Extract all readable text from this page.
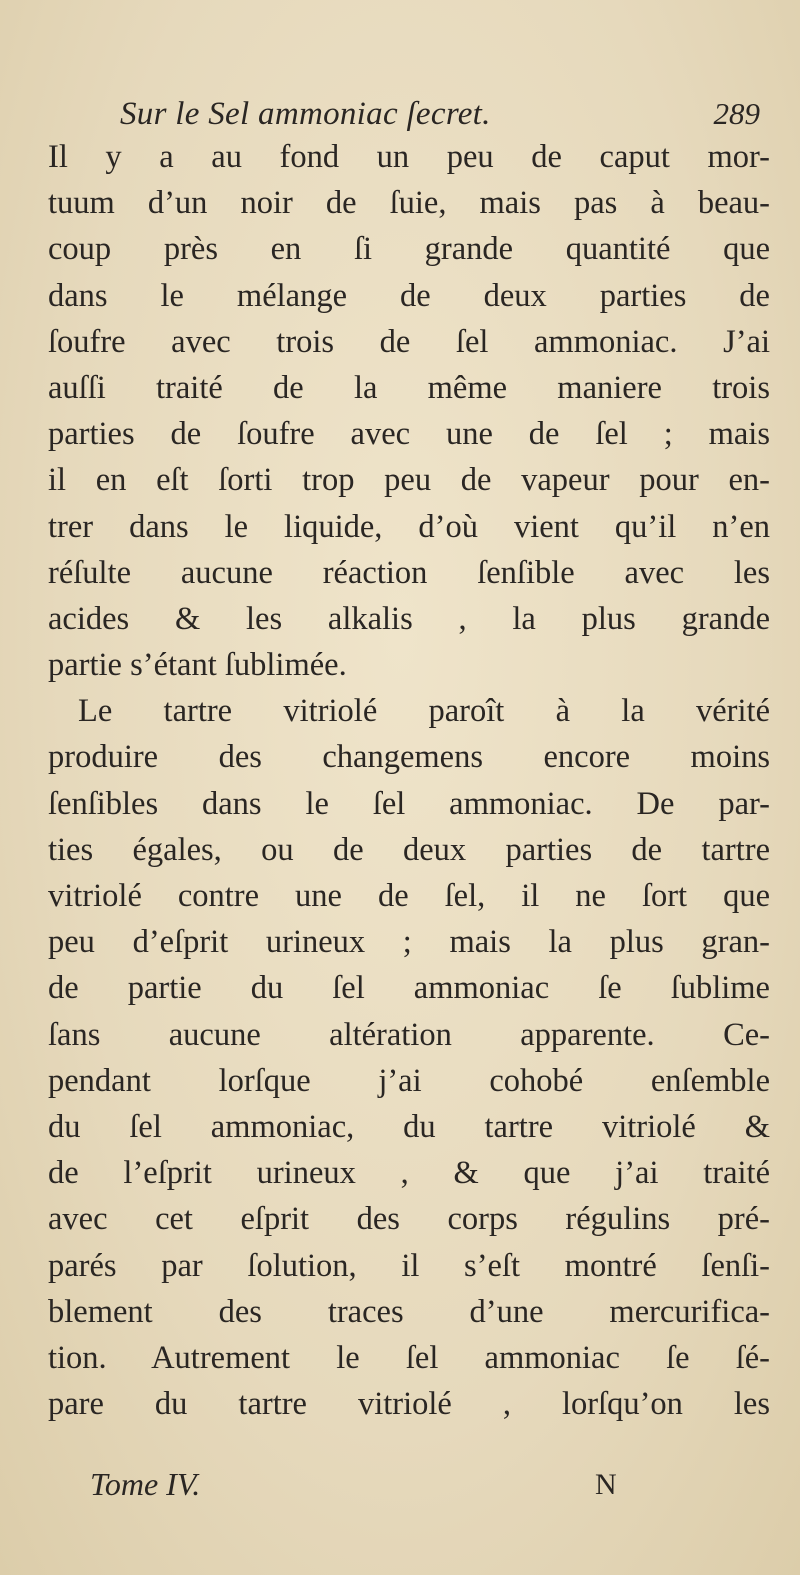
Sur le Sel ammoniac ſecret.	289
Il y a au fond un peu de caput mor-
tuum d’un noir de ſuie, mais pas à beau-
coup près en ſi grande quantité que
dans le mélange de deux parties de
ſoufre avec trois de ſel ammoniac. J’ai
auſſi traité de la même maniere trois
parties de ſoufre avec une de ſel ; mais
il en eſt ſorti trop peu de vapeur pour en-
trer dans le liquide, d’où vient qu’il n’en
réſulte aucune réaction ſenſible avec les
acides & les alkalis , la plus grande
partie s’étant ſublimée.
Le tartre vitriolé paroît à la vérité
produire des changemens encore moins
ſenſibles dans le ſel ammoniac. De par-
ties égales, ou de deux parties de tartre
vitriolé contre une de ſel, il ne ſort que
peu d’eſprit urineux ; mais la plus gran-
de partie du ſel ammoniac ſe ſublime
ſans aucune altération apparente. Ce-
pendant lorſque j’ai cohobé enſemble
du ſel ammoniac, du tartre vitriolé &
de l’eſprit urineux , & que j’ai traité
avec cet eſprit des corps régulins pré-
parés par ſolution, il s’eſt montré ſenſi-
blement des traces d’une mercurifica-
tion. Autrement le ſel ammoniac ſe ſé-
pare du tartre vitriolé , lorſqu’on les
Tome IV.	N
